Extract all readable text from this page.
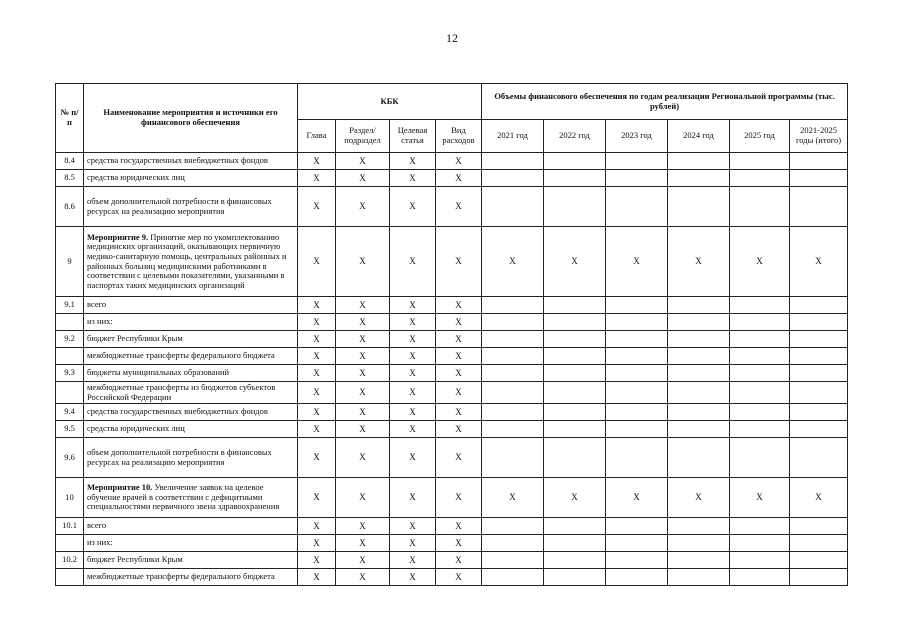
12
№ п/п	Наименование мероприятия и источники его финансового обеспечения	КБК				Объемы финансового обеспечения по годам реализации Региональной программы (тыс. рублей)					
		Глава	Раздел/ подраздел	Целевая статья	Вид расходов	2021 год	2022 год	2023 год	2024 год	2025 год	2021-2025 годы (итого)
8.4	средства государственных внебюджетных фондов	Х	Х	Х	Х						
8.5	средства юридических лиц	Х	Х	Х	Х						
8.6	объем дополнительной потребности в финансовых ресурсах на реализацию мероприятия	Х	Х	Х	Х						
9	Мероприятие 9. Принятие мер по укомплектованию медицинских организаций, оказывающих первичную медико-санитарную помощь, центральных районных и районных больниц медицинскими работниками в соответствии с целевыми показателями, указанными в паспортах таких медицинских организаций	Х	Х	Х	Х	Х	Х	Х	Х	Х	Х
9.1	всего	Х	Х	Х	Х						
	из них:	Х	Х	Х	Х						
9.2	бюджет Республики Крым	Х	Х	Х	Х						
	межбюджетные трансферты федерального бюджета	Х	Х	Х	Х						
9.3	бюджеты муниципальных образований	Х	Х	Х	Х						
	межбюджетные трансферты из бюджетов субъектов Российской Федерации	Х	Х	Х	Х						
9.4	средства государственных внебюджетных фондов	Х	Х	Х	Х						
9.5	средства юридических лиц	Х	Х	Х	Х						
9.6	объем дополнительной потребности в финансовых ресурсах на реализацию мероприятия	Х	Х	Х	Х						
10	Мероприятие 10. Увеличение заявок на целевое обучение врачей в соответствии с дефицитными специальностями первичного звена здравоохранения	Х	Х	Х	Х	Х	Х	Х	Х	Х	Х
10.1	всего	Х	Х	Х	Х						
	из них:	Х	Х	Х	Х						
10.2	бюджет Республики Крым	Х	Х	Х	Х						
	межбюджетные трансферты федерального бюджета	Х	Х	Х	Х						
